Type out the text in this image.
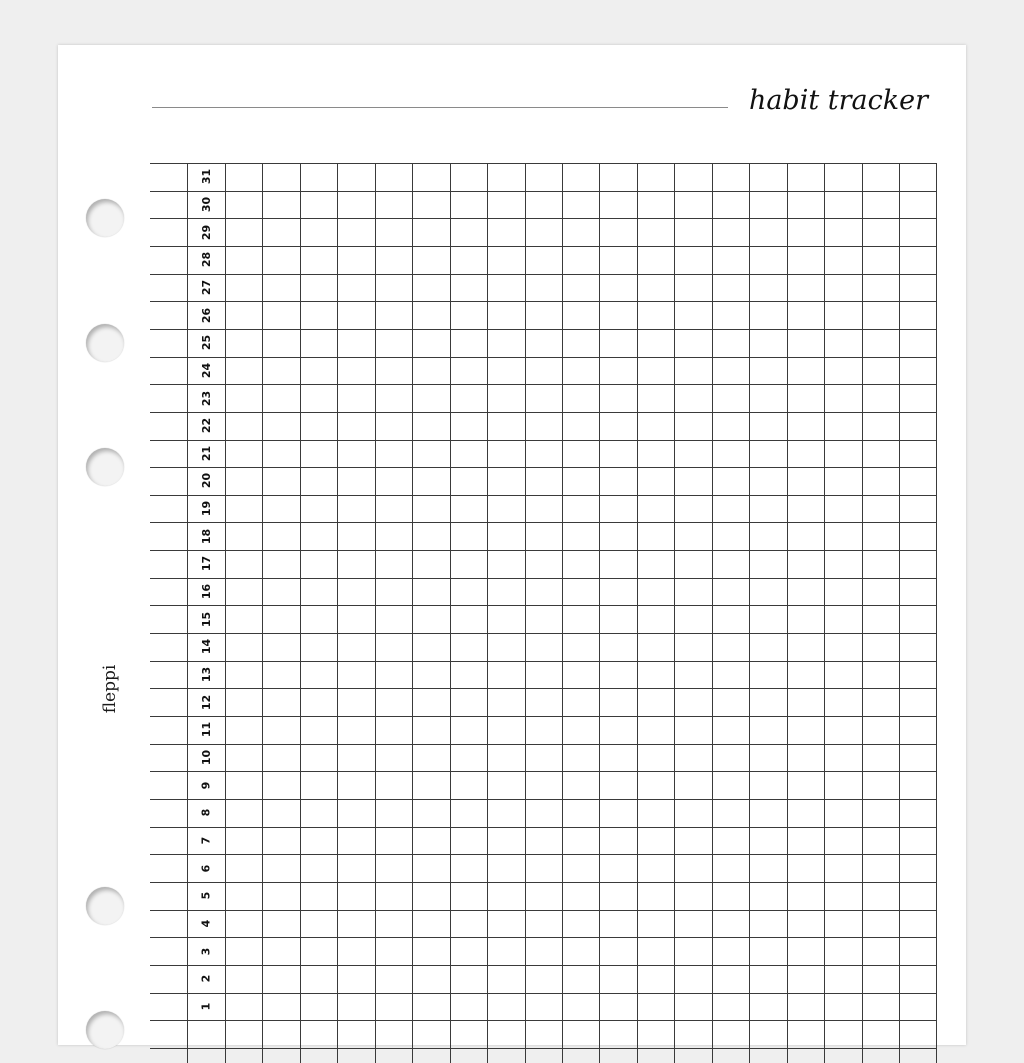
habit tracker
fleppi
31
30
29
28
27
26
25
24
23
22
21
20
19
18
17
16
15
14
13
12
11
10
9
8
7
6
5
4
3
2
1
